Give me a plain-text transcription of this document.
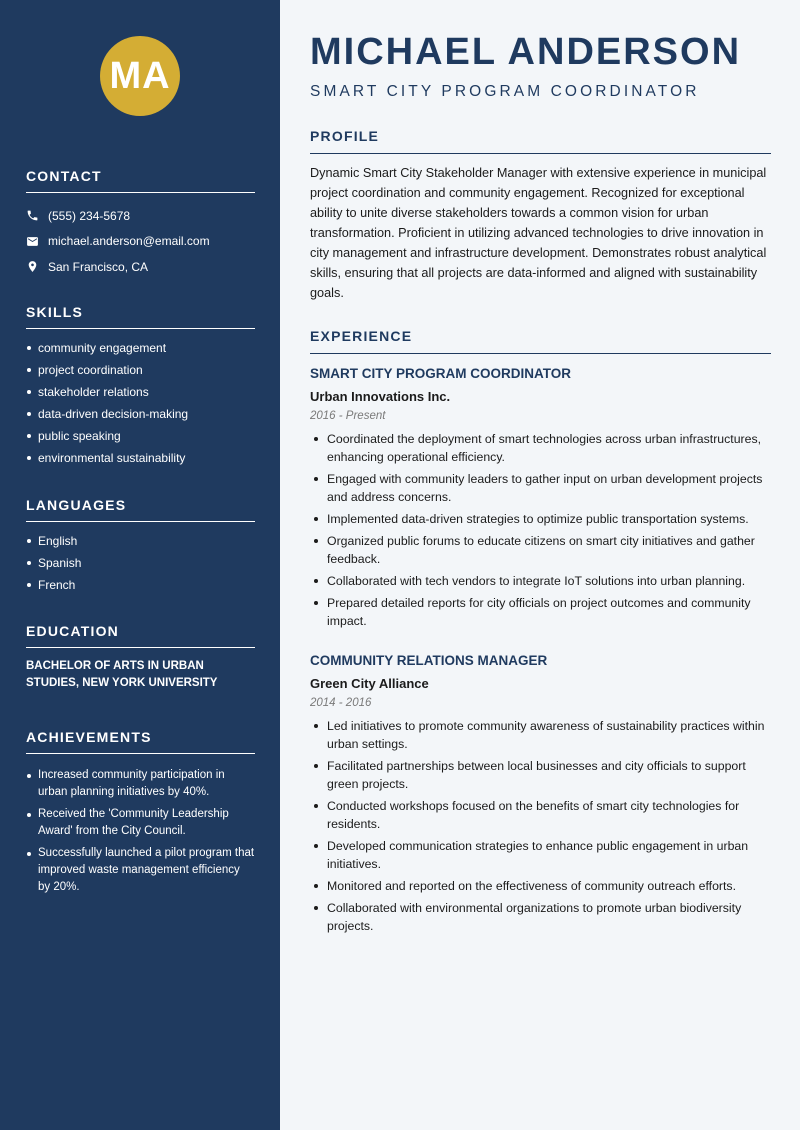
MA
CONTACT
(555) 234-5678
michael.anderson@email.com
San Francisco, CA
SKILLS
community engagement
project coordination
stakeholder relations
data-driven decision-making
public speaking
environmental sustainability
LANGUAGES
English
Spanish
French
EDUCATION
BACHELOR OF ARTS IN URBAN STUDIES, NEW YORK UNIVERSITY
ACHIEVEMENTS
Increased community participation in urban planning initiatives by 40%.
Received the 'Community Leadership Award' from the City Council.
Successfully launched a pilot program that improved waste management efficiency by 20%.
MICHAEL ANDERSON
SMART CITY PROGRAM COORDINATOR
PROFILE

Dynamic Smart City Stakeholder Manager with extensive experience in municipal project coordination and community engagement. Recognized for exceptional ability to unite diverse stakeholders towards a common vision for urban transformation. Proficient in utilizing advanced technologies to drive innovation in city management and infrastructure development. Demonstrates robust analytical skills, ensuring that all projects are data-informed and aligned with sustainability goals.

EXPERIENCE
SMART CITY PROGRAM COORDINATOR
Urban Innovations Inc.
2016 - Present
Coordinated the deployment of smart technologies across urban infrastructures, enhancing operational efficiency.
Engaged with community leaders to gather input on urban development projects and address concerns.
Implemented data-driven strategies to optimize public transportation systems.
Organized public forums to educate citizens on smart city initiatives and gather feedback.
Collaborated with tech vendors to integrate IoT solutions into urban planning.
Prepared detailed reports for city officials on project outcomes and community impact.
COMMUNITY RELATIONS MANAGER
Green City Alliance
2014 - 2016
Led initiatives to promote community awareness of sustainability practices within urban settings.
Facilitated partnerships between local businesses and city officials to support green projects.
Conducted workshops focused on the benefits of smart city technologies for residents.
Developed communication strategies to enhance public engagement in urban initiatives.
Monitored and reported on the effectiveness of community outreach efforts.
Collaborated with environmental organizations to promote urban biodiversity projects.
